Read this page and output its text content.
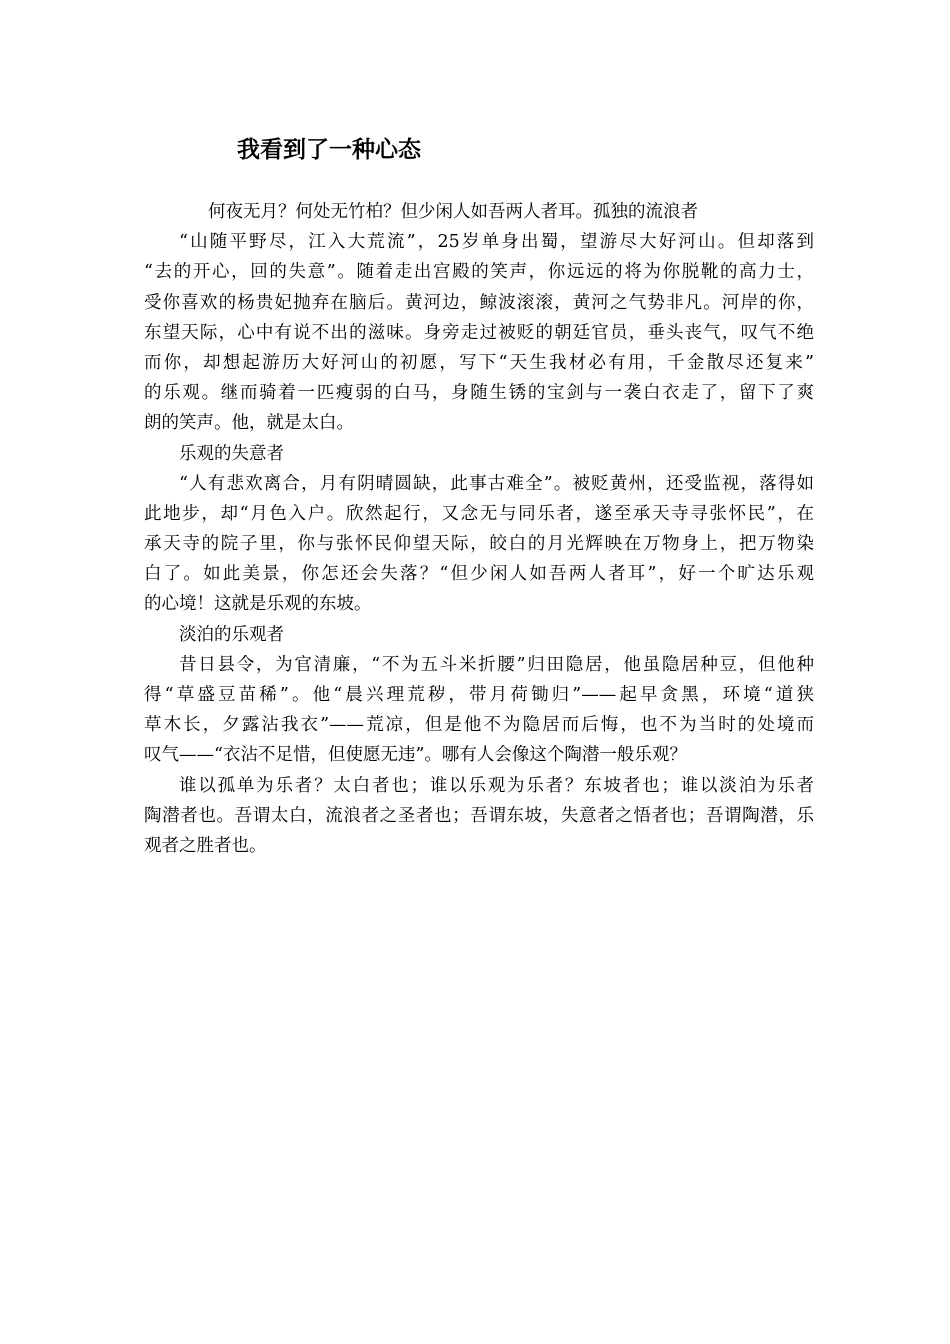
我看到了一种心态
何夜无月？何处无竹柏？但少闲人如吾两人者耳。孤独的流浪者
“山随平野尽，江入大荒流”，25岁单身出蜀，望游尽大好河山。但却落到
“去的开心，回的失意”。随着走出宫殿的笑声，你远远的将为你脱靴的高力士，
受你喜欢的杨贵妃抛弃在脑后。黄河边，鲸波滚滚，黄河之气势非凡。河岸的你，
东望天际，心中有说不出的滋味。身旁走过被贬的朝廷官员，垂头丧气，叹气不绝
而你，却想起游历大好河山的初愿，写下“天生我材必有用，千金散尽还复来”
的乐观。继而骑着一匹瘦弱的白马，身随生锈的宝剑与一袭白衣走了，留下了爽
朗的笑声。他，就是太白。
乐观的失意者
“人有悲欢离合，月有阴晴圆缺，此事古难全”。被贬黄州，还受监视，落得如
此地步，却“月色入户。欣然起行，又念无与同乐者，遂至承天寺寻张怀民”，在
承天寺的院子里，你与张怀民仰望天际，皎白的月光辉映在万物身上，把万物染
白了。如此美景，你怎还会失落？“但少闲人如吾两人者耳”，好一个旷达乐观
的心境！这就是乐观的东坡。
淡泊的乐观者
昔日县令，为官清廉，“不为五斗米折腰”归田隐居，他虽隐居种豆，但他种
得“草盛豆苗稀”。他“晨兴理荒秽，带月荷锄归”——起早贪黑，环境“道狭
草木长，夕露沾我衣”——荒凉，但是他不为隐居而后悔，也不为当时的处境而
叹气——“衣沾不足惜，但使愿无违”。哪有人会像这个陶潜一般乐观？
谁以孤单为乐者？太白者也；谁以乐观为乐者？东坡者也；谁以淡泊为乐者
陶潜者也。吾谓太白，流浪者之圣者也；吾谓东坡，失意者之悟者也；吾谓陶潜，乐
观者之胜者也。
